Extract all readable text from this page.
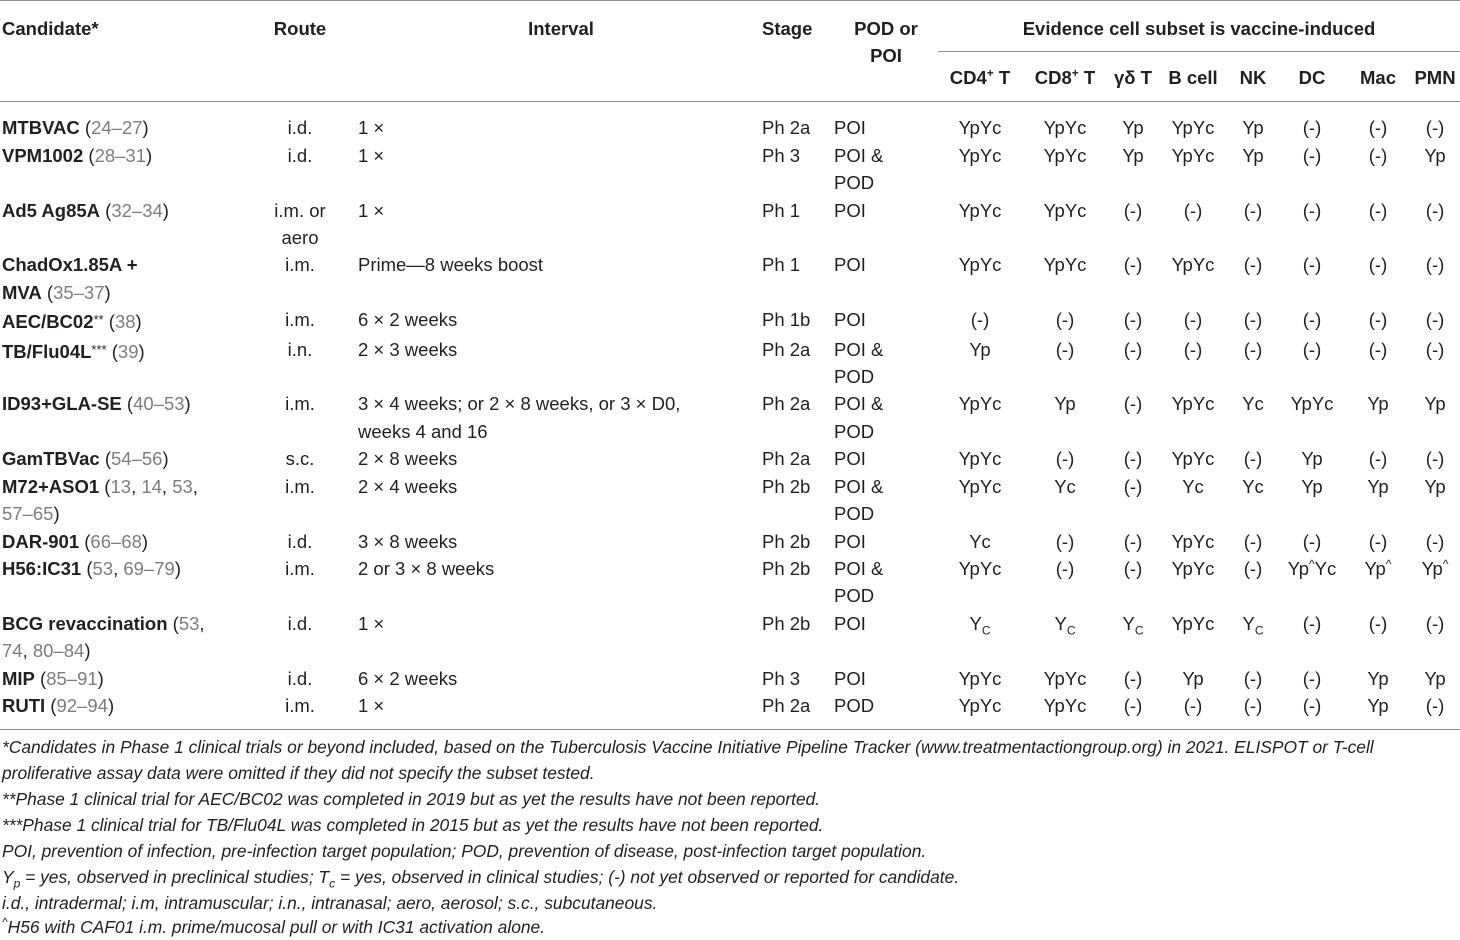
Candidate*	Route	Interval	Stage	POD or
POI	Evidence cell subset is vaccine-induced
CD4+ T	CD8+ T	γδ T	B cell	NK	DC	Mac	PMN
MTBVAC (24–27)	i.d.	1 ×	Ph 2a	POI	YpYc	YpYc	Yp	YpYc	Yp	(-)	(-)	(-)
VPM1002 (28–31)	i.d.	1 ×	Ph 3	POI &
POD	YpYc	YpYc	Yp	YpYc	Yp	(-)	(-)	Yp
Ad5 Ag85A (32–34)	i.m. or
aero	1 ×	Ph 1	POI	YpYc	YpYc	(-)	(-)	(-)	(-)	(-)	(-)
ChadOx1.85A +
MVA (35–37)	i.m.	Prime—8 weeks boost	Ph 1	POI	YpYc	YpYc	(-)	YpYc	(-)	(-)	(-)	(-)
AEC/BC02** (38)	i.m.	6 × 2 weeks	Ph 1b	POI	(-)	(-)	(-)	(-)	(-)	(-)	(-)	(-)
TB/Flu04L*** (39)	i.n.	2 × 3 weeks	Ph 2a	POI &
POD	Yp	(-)	(-)	(-)	(-)	(-)	(-)	(-)
ID93+GLA-SE (40–53)	i.m.	3 × 4 weeks; or 2 × 8 weeks, or 3 × D0,
weeks 4 and 16	Ph 2a	POI &
POD	YpYc	Yp	(-)	YpYc	Yc	YpYc	Yp	Yp
GamTBVac (54–56)	s.c.	2 × 8 weeks	Ph 2a	POI	YpYc	(-)	(-)	YpYc	(-)	Yp	(-)	(-)
M72+ASO1 (13, 14, 53,
57–65)	i.m.	2 × 4 weeks	Ph 2b	POI &
POD	YpYc	Yc	(-)	Yc	Yc	Yp	Yp	Yp
DAR-901 (66–68)	i.d.	3 × 8 weeks	Ph 2b	POI	Yc	(-)	(-)	YpYc	(-)	(-)	(-)	(-)
H56:IC31 (53, 69–79)	i.m.	2 or 3 × 8 weeks	Ph 2b	POI &
POD	YpYc	(-)	(-)	YpYc	(-)	Yp^Yc	Yp^	Yp^
BCG revaccination (53,
74, 80–84)	i.d.	1 ×	Ph 2b	POI	$Y_C$	$Y_C$	$Y_C$	YpYc	$Y_C$	(-)	(-)	(-)
MIP (85–91)	i.d.	6 × 2 weeks	Ph 3	POI	YpYc	YpYc	(-)	Yp	(-)	(-)	Yp	Yp
RUTI (92–94)	i.m.	1 ×	Ph 2a	POD	YpYc	YpYc	(-)	(-)	(-)	(-)	Yp	(-)
*Candidates in Phase 1 clinical trials or beyond included, based on the Tuberculosis Vaccine Initiative Pipeline Tracker (www.treatmentactiongroup.org) in 2021. ELISPOT or T-cell
proliferative assay data were omitted if they did not specify the subset tested.
**Phase 1 clinical trial for AEC/BC02 was completed in 2019 but as yet the results have not been reported.
***Phase 1 clinical trial for TB/Flu04L was completed in 2015 but as yet the results have not been reported.
POI, prevention of infection, pre-infection target population; POD, prevention of disease, post-infection target population.
$Y_p$ = yes, observed in preclinical studies; $T_c$ = yes, observed in clinical studies; (-) not yet observed or reported for candidate.
i.d., intradermal; i.m, intramuscular; i.n., intranasal; aero, aerosol; s.c., subcutaneous.
^H56 with CAF01 i.m. prime/mucosal pull or with IC31 activation alone.
